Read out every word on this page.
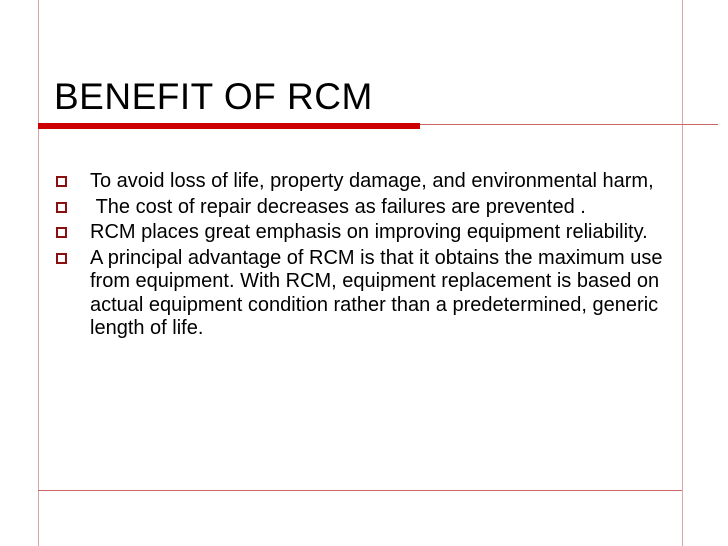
BENEFIT OF RCM
To avoid loss of life, property damage, and environmental harm,
The cost of repair decreases as failures are prevented .
RCM places great emphasis on improving equipment reliability.
A principal advantage of RCM is that it obtains the maximum use from equipment. With RCM, equipment replacement is based on actual equipment condition rather than a predetermined, generic length of life.
